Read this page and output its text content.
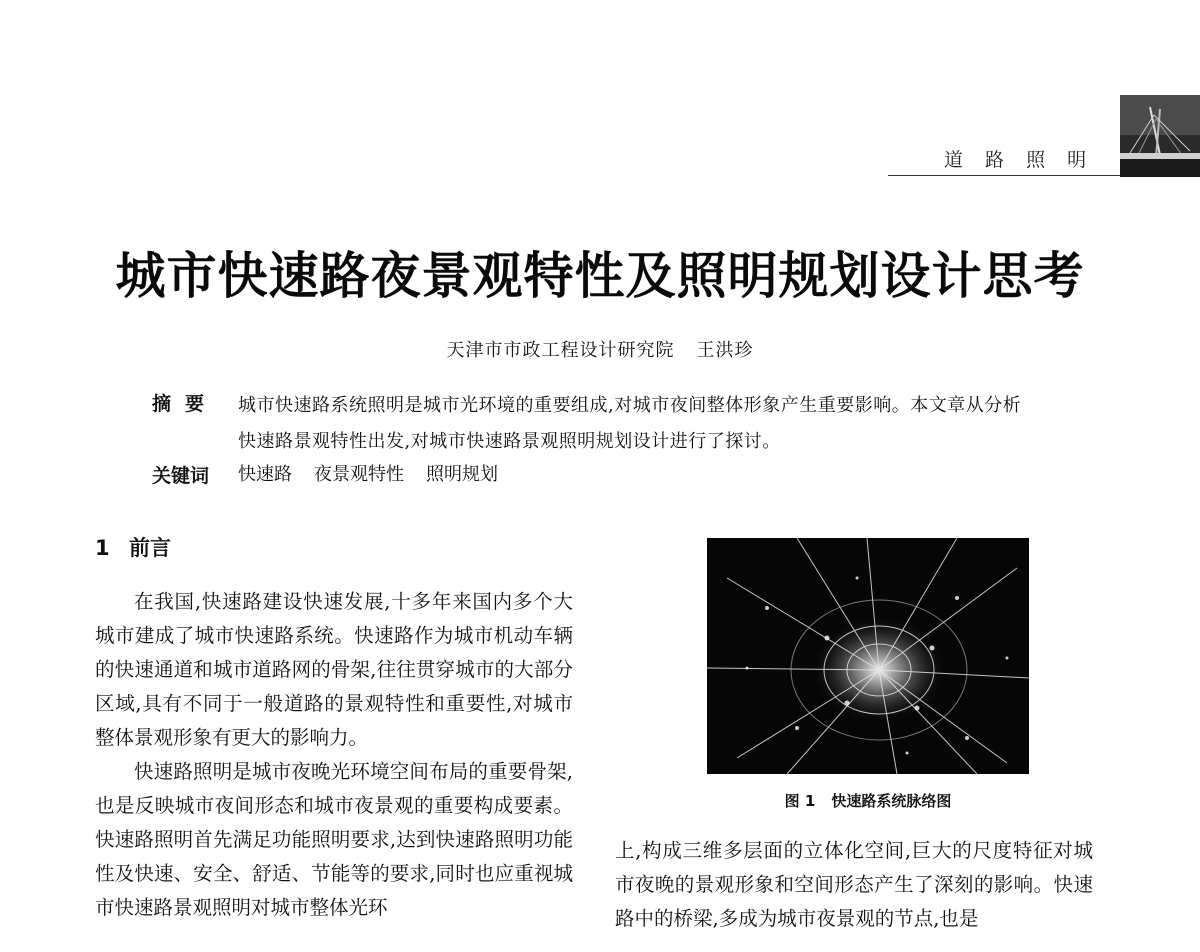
道 路 照 明
城市快速路夜景观特性及照明规划设计思考
天津市市政工程设计研究院 王洪珍
摘要 城市快速路系统照明是城市光环境的重要组成,对城市夜间整体形象产生重要影响。本文章从分析快速路景观特性出发,对城市快速路景观照明规划设计进行了探讨。
关键词 快速路 夜景观特性 照明规划
1 前言

在我国,快速路建设快速发展,十多年来国内多个大城市建成了城市快速路系统。快速路作为城市机动车辆的快速通道和城市道路网的骨架,往往贯穿城市的大部分区域,具有不同于一般道路的景观特性和重要性,对城市整体景观形象有更大的影响力。

快速路照明是城市夜晚光环境空间布局的重要骨架,也是反映城市夜间形态和城市夜景观的重要构成要素。快速路照明首先满足功能照明要求,达到快速路照明功能性及快速、安全、舒适、节能等的要求,同时也应重视城市快速路景观照明对城市整体光环

图 1 快速路系统脉络图

上,构成三维多层面的立体化空间,巨大的尺度特征对城市夜晚的景观形象和空间形态产生了深刻的影响。快速路中的桥梁,多成为城市夜景观的节点,也是
